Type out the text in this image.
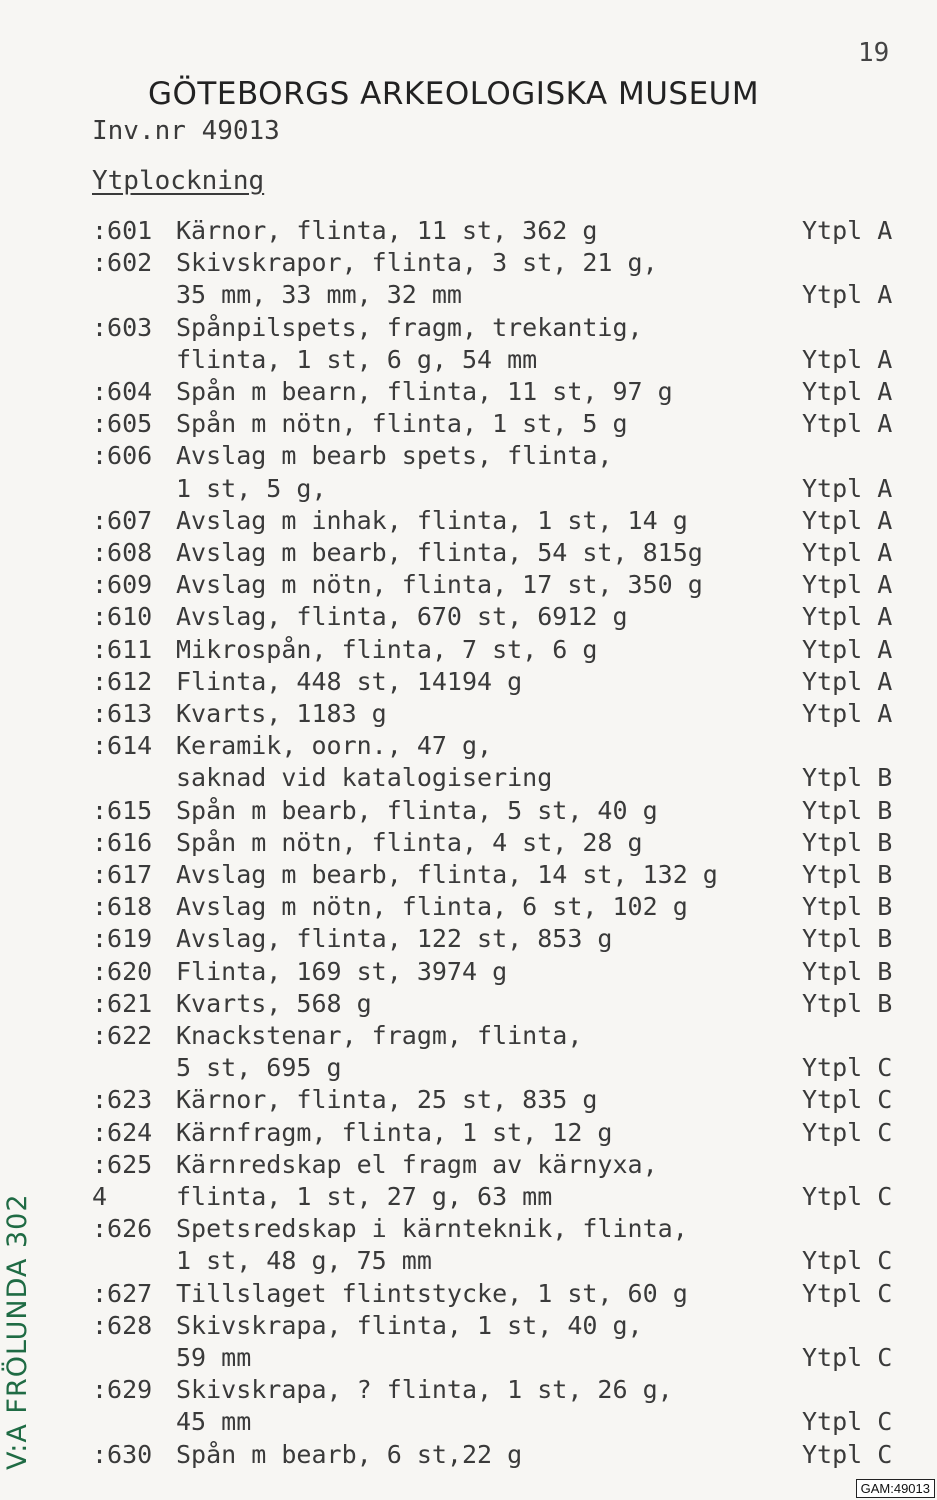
19
GÖTEBORGS ARKEOLOGISKA MUSEUM
Inv.nr 49013
Ytplockning
:601 Kärnor, flinta, 11 st, 362 g	Ytpl A
:602 Skivskrapor, flinta, 3 st, 21 g,
35 mm, 33 mm, 32 mm	Ytpl A
:603 Spånpilspets, fragm, trekantig,
flinta, 1 st, 6 g, 54 mm	Ytpl A
:604 Spån m bearn, flinta, 11 st, 97 g	Ytpl A
:605 Spån m nötn, flinta, 1 st, 5 g	Ytpl A
:606 Avslag m bearb spets, flinta,
1 st, 5 g,	Ytpl A
:607 Avslag m inhak, flinta, 1 st, 14 g	Ytpl A
:608 Avslag m bearb, flinta, 54 st, 815g	Ytpl A
:609 Avslag m nötn, flinta, 17 st, 350 g	Ytpl A
:610 Avslag, flinta, 670 st, 6912 g	Ytpl A
:611 Mikrospån, flinta, 7 st, 6 g	Ytpl A
:612 Flinta, 448 st, 14194 g	Ytpl A
:613 Kvarts, 1183 g	Ytpl A
:614 Keramik, oorn., 47 g,
saknad vid katalogisering	Ytpl B
:615 Spån m bearb, flinta, 5 st, 40 g	Ytpl B
:616 Spån m nötn, flinta, 4 st, 28 g	Ytpl B
:617 Avslag m bearb, flinta, 14 st, 132 g	Ytpl B
:618 Avslag m nötn, flinta, 6 st, 102 g	Ytpl B
:619 Avslag, flinta, 122 st, 853 g	Ytpl B
:620 Flinta, 169 st, 3974 g	Ytpl B
:621 Kvarts, 568 g	Ytpl B
:622 Knackstenar, fragm, flinta,
5 st, 695 g	Ytpl C
:623 Kärnor, flinta, 25 st, 835 g	Ytpl C
:624 Kärnfragm, flinta, 1 st, 12 g	Ytpl C
:625 Kärnredskap el fragm av kärnyxa,
4	flinta, 1 st, 27 g, 63 mm	Ytpl C
:626 Spetsredskap i kärnteknik, flinta,
1 st, 48 g, 75 mm	Ytpl C
:627 Tillslaget flintstycke, 1 st, 60 g	Ytpl C
:628 Skivskrapa, flinta, 1 st, 40 g,
59 mm	Ytpl C
:629 Skivskrapa, ? flinta, 1 st, 26 g,
45 mm	Ytpl C
:630 Spån m bearb, 6 st,22 g	Ytpl C
V:A FRÖLUNDA 302
GAM:49013
